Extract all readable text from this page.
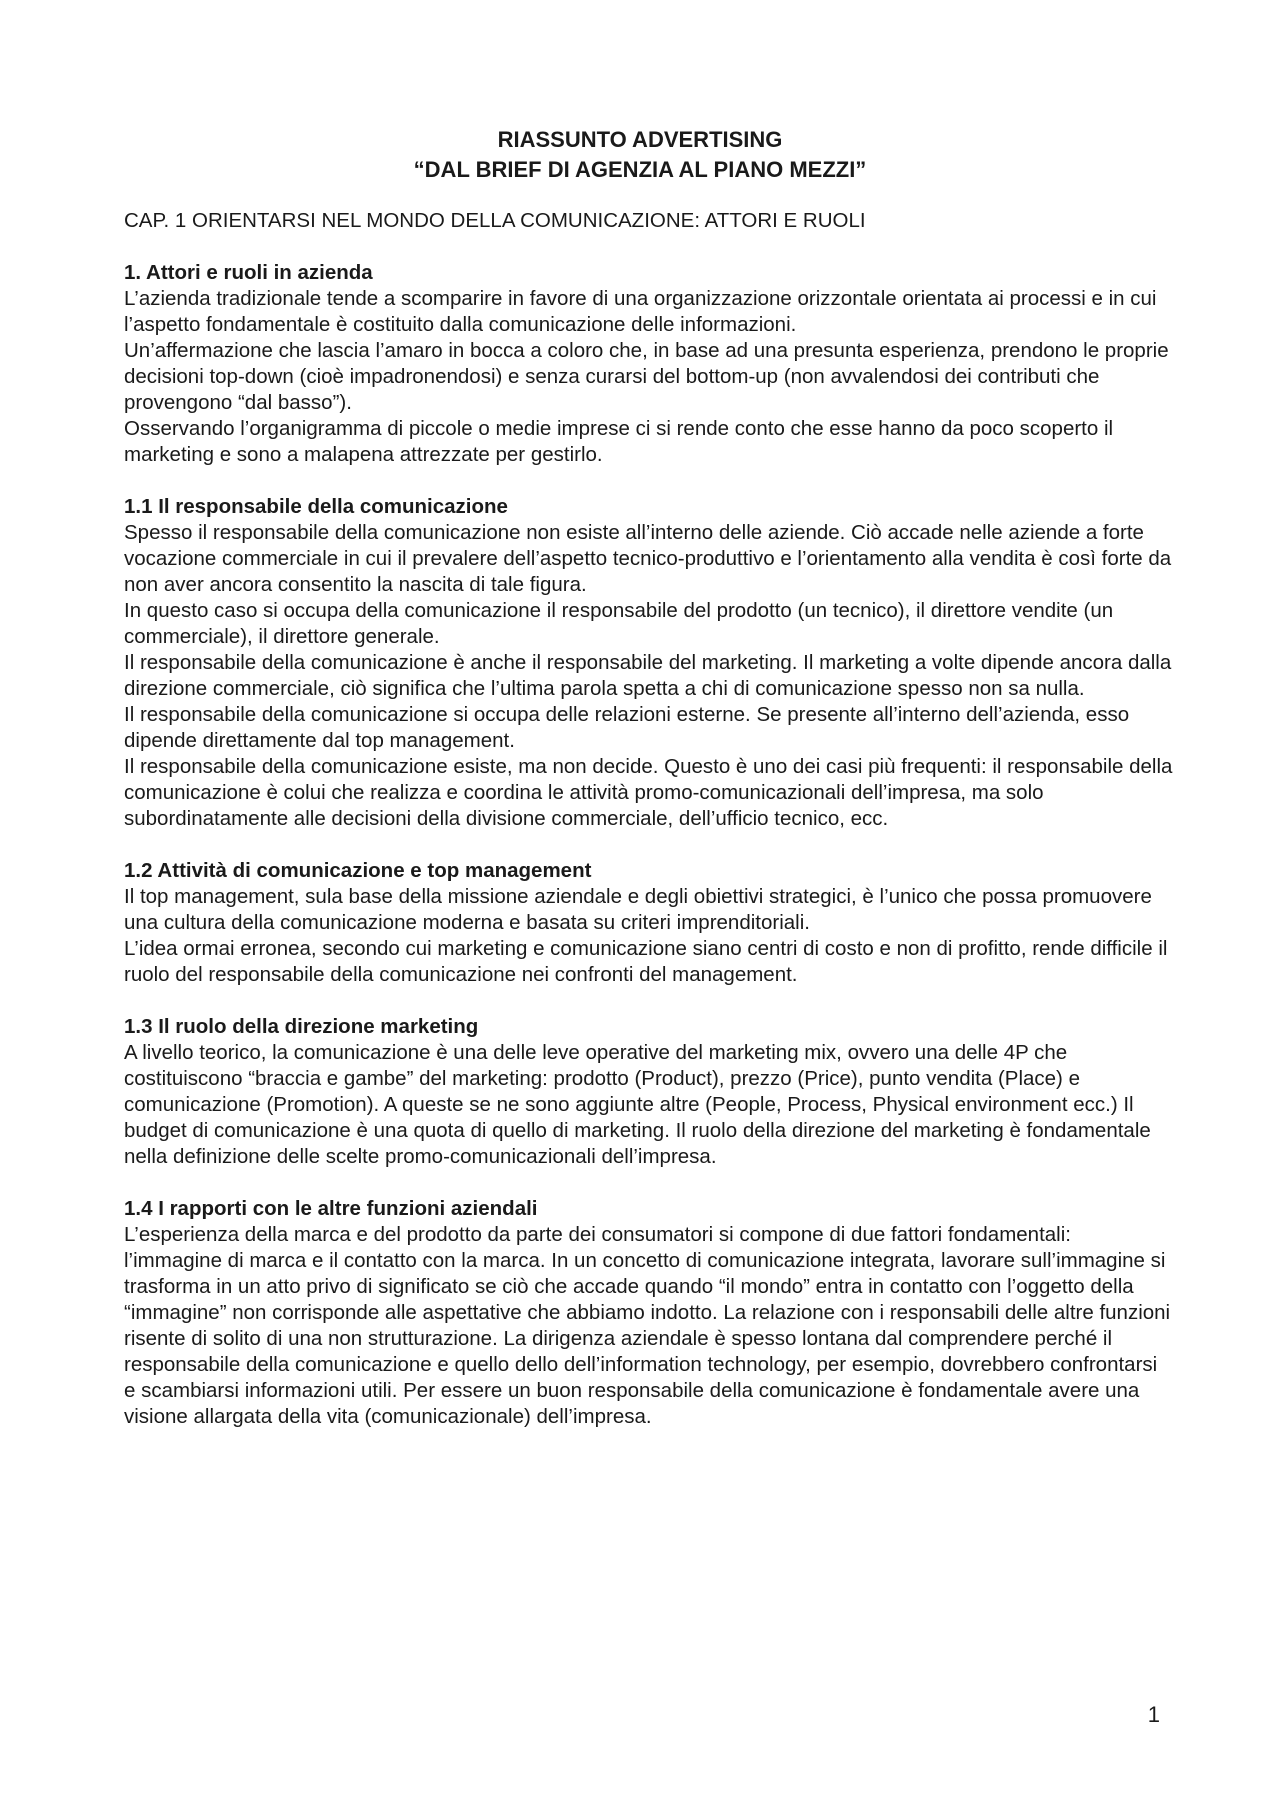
RIASSUNTO ADVERTISING
“DAL BRIEF DI AGENZIA AL PIANO MEZZI”
CAP. 1 ORIENTARSI NEL MONDO DELLA COMUNICAZIONE: ATTORI E RUOLI
1. Attori e ruoli in azienda
L’azienda tradizionale tende a scomparire in favore di una organizzazione orizzontale orientata ai processi e in cui l’aspetto fondamentale è costituito dalla comunicazione delle informazioni.
Un’affermazione che lascia l’amaro in bocca a coloro che, in base ad una presunta esperienza, prendono le proprie decisioni top-down (cioè impadronendosi) e senza curarsi del bottom-up (non avvalendosi dei contributi che provengono “dal basso”).
Osservando l’organigramma di piccole o medie imprese ci si rende conto che esse hanno da poco scoperto il marketing e sono a malapena attrezzate per gestirlo.
1.1 Il responsabile della comunicazione
Spesso il responsabile della comunicazione non esiste all’interno delle aziende. Ciò accade nelle aziende a forte vocazione commerciale in cui il prevalere dell’aspetto tecnico-produttivo e l’orientamento alla vendita è così forte da non aver ancora consentito la nascita di tale figura.
In questo caso si occupa della comunicazione il responsabile del prodotto (un tecnico), il direttore vendite (un commerciale), il direttore generale.
Il responsabile della comunicazione è anche il responsabile del marketing. Il marketing a volte dipende ancora dalla direzione commerciale, ciò significa che l’ultima parola spetta a chi di comunicazione spesso non sa nulla.
Il responsabile della comunicazione si occupa delle relazioni esterne. Se presente all’interno dell’azienda, esso dipende direttamente dal top management.
Il responsabile della comunicazione esiste, ma non decide. Questo è uno dei casi più frequenti: il responsabile della comunicazione è colui che realizza e coordina le attività promo-comunicazionali dell’impresa, ma solo subordinatamente alle decisioni della divisione commerciale, dell’ufficio tecnico, ecc.
1.2 Attività di comunicazione e top management
Il top management, sula base della missione aziendale e degli obiettivi strategici, è l’unico che possa promuovere una cultura della comunicazione moderna e basata su criteri imprenditoriali.
L’idea ormai erronea, secondo cui marketing e comunicazione siano centri di costo e non di profitto, rende difficile il ruolo del responsabile della comunicazione nei confronti del management.
1.3 Il ruolo della direzione marketing
A livello teorico, la comunicazione è una delle leve operative del marketing mix, ovvero una delle 4P che costituiscono “braccia e gambe” del marketing: prodotto (Product), prezzo (Price), punto vendita (Place) e comunicazione (Promotion). A queste se ne sono aggiunte altre (People, Process, Physical environment ecc.) Il budget di comunicazione è una quota di quello di marketing. Il ruolo della direzione del marketing è fondamentale nella definizione delle scelte promo-comunicazionali dell’impresa.
1.4 I rapporti con le altre funzioni aziendali
L’esperienza della marca e del prodotto da parte dei consumatori si compone di due fattori fondamentali: l’immagine di marca e il contatto con la marca. In un concetto di comunicazione integrata, lavorare sull’immagine si trasforma in un atto privo di significato se ciò che accade quando “il mondo” entra in contatto con l’oggetto della “immagine” non corrisponde alle aspettative che abbiamo indotto. La relazione con i responsabili delle altre funzioni risente di solito di una non strutturazione. La dirigenza aziendale è spesso lontana dal comprendere perché il responsabile della comunicazione e quello dello dell’information technology, per esempio, dovrebbero confrontarsi e scambiarsi informazioni utili. Per essere un buon responsabile della comunicazione è fondamentale avere una visione allargata della vita (comunicazionale) dell’impresa.
1
